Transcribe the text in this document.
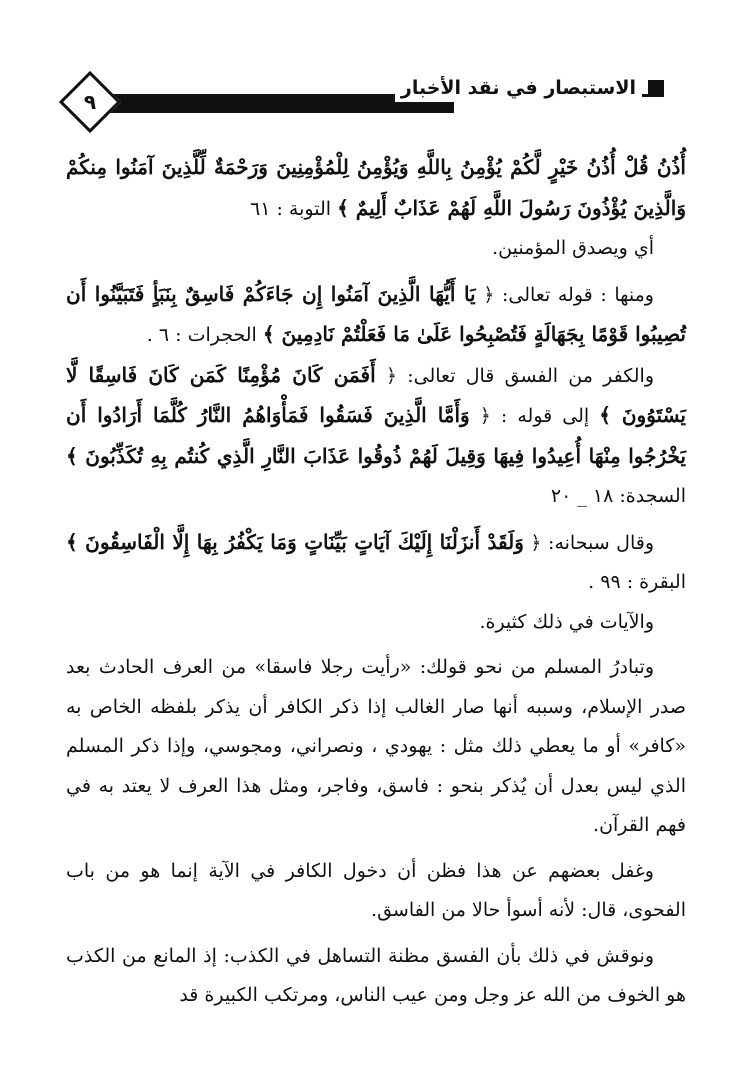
الاستبصار في نقد الأخبار
٩

أُذُنُ قُلْ أُذُنُ خَيْرٍ لَّكُمْ يُؤْمِنُ بِاللَّهِ وَيُؤْمِنُ لِلْمُؤْمِنِينَ وَرَحْمَةٌ لِّلَّذِينَ آمَنُوا مِنكُمْ وَالَّذِينَ يُؤْذُونَ رَسُولَ اللَّهِ لَهُمْ عَذَابٌ أَلِيمٌ ﴾ التوبة : ٦١

أي ويصدق المؤمنين.

ومنها : قوله تعالى: ﴿ يَا أَيُّهَا الَّذِينَ آمَنُوا إِن جَاءَكُمْ فَاسِقٌ بِنَبَأٍ فَتَبَيَّنُوا أَن تُصِيبُوا قَوْمًا بِجَهَالَةٍ فَتُصْبِحُوا عَلَىٰ مَا فَعَلْتُمْ نَادِمِينَ ﴾ الحجرات : ٦ .

والكفر من الفسق قال تعالى: ﴿ أَفَمَن كَانَ مُؤْمِنًا كَمَن كَانَ فَاسِقًا لَّا يَسْتَوُونَ ﴾ إلى قوله : ﴿ وَأَمَّا الَّذِينَ فَسَقُوا فَمَأْوَاهُمُ النَّارُ كُلَّمَا أَرَادُوا أَن يَخْرُجُوا مِنْهَا أُعِيدُوا فِيهَا وَقِيلَ لَهُمْ ذُوقُوا عَذَابَ النَّارِ الَّذِي كُنتُم بِهِ تُكَذِّبُونَ ﴾ السجدة: ١٨ _ ٢٠

وقال سبحانه: ﴿ وَلَقَدْ أَنزَلْنَا إِلَيْكَ آيَاتٍ بَيِّنَاتٍ وَمَا يَكْفُرُ بِهَا إِلَّا الْفَاسِقُونَ ﴾ البقرة : ٩٩ .

والآيات في ذلك كثيرة.

وتبادرُ المسلم من نحو قولك: «رأيت رجلا فاسقا» من العرف الحادث بعد صدر الإسلام، وسببه أنها صار الغالب إذا ذكر الكافر أن يذكر بلفظه الخاص به «كافر» أو ما يعطي ذلك مثل : يهودي ، ونصراني، ومجوسي، وإذا ذكر المسلم الذي ليس بعدل أن يُذكر بنحو : فاسق، وفاجر، ومثل هذا العرف لا يعتد به في فهم القرآن.

وغفل بعضهم عن هذا فظن أن دخول الكافر في الآية إنما هو من باب الفحوى، قال: لأنه أسوأ حالا من الفاسق.

ونوقش في ذلك بأن الفسق مظنة التساهل في الكذب: إذ المانع من الكذب هو الخوف من الله عز وجل ومن عيب الناس، ومرتكب الكبيرة قد
